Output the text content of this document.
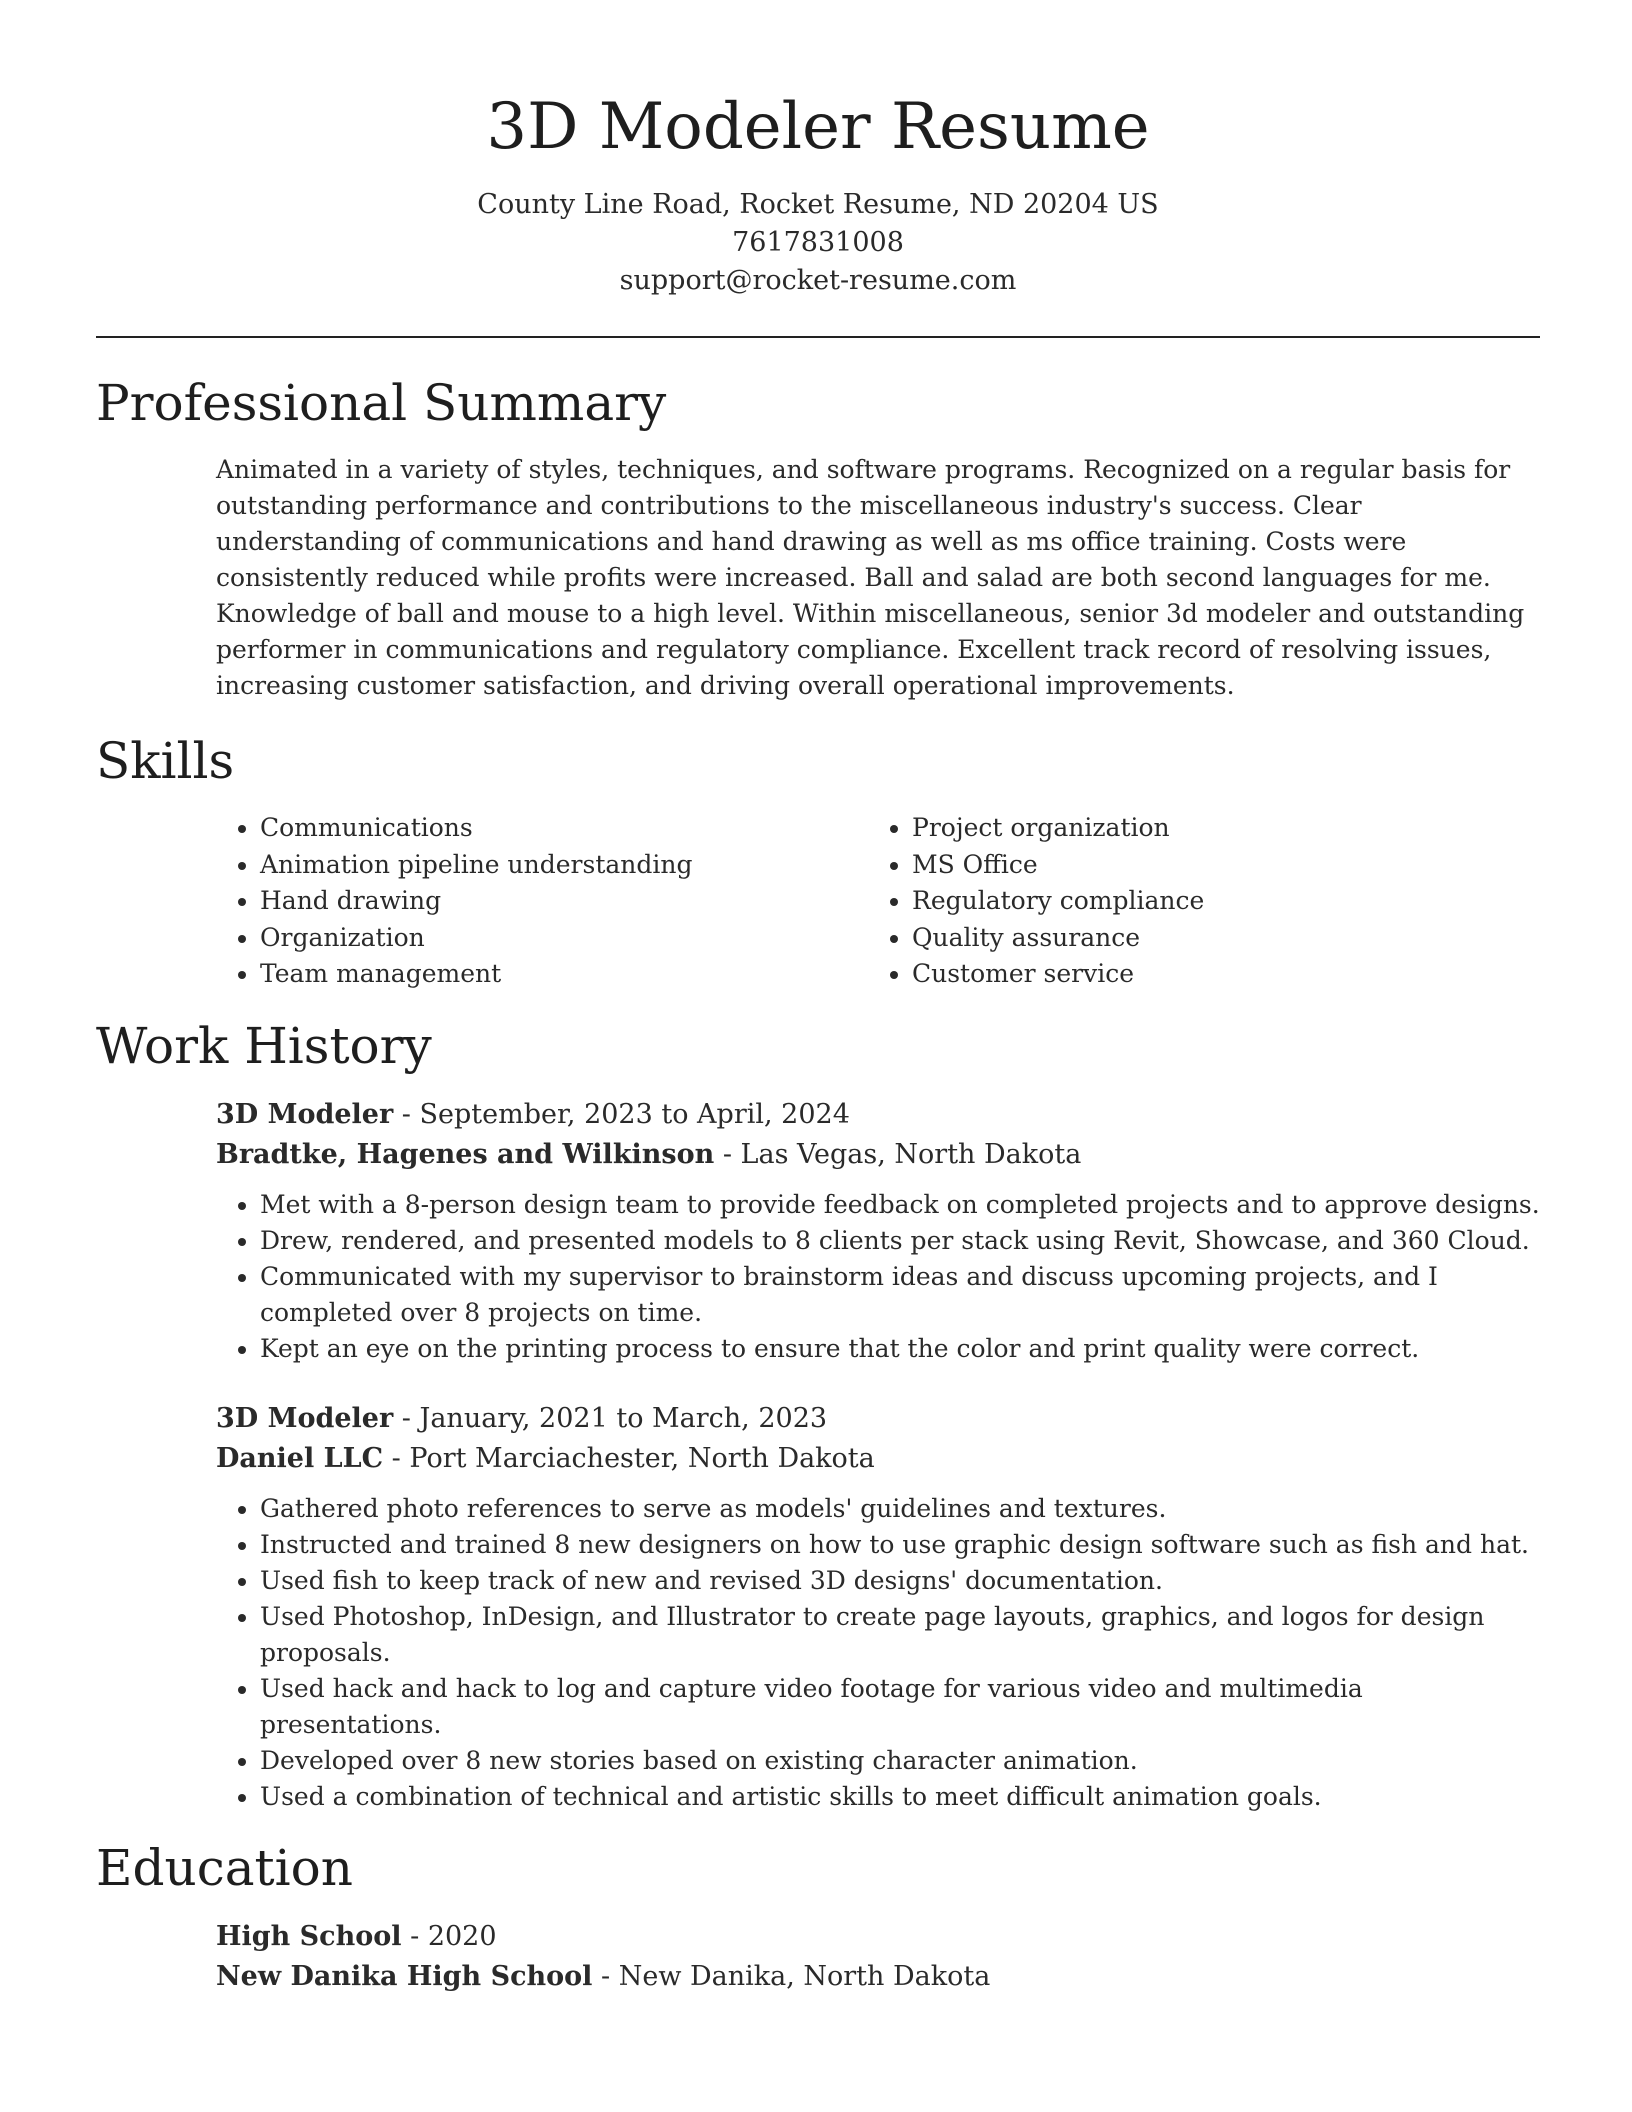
3D Modeler Resume

County Line Road, Rocket Resume, ND 20204 US

7617831008

support@rocket-resume.com

Professional Summary

Animated in a variety of styles, techniques, and software programs. Recognized on a regular basis for outstanding performance and contributions to the miscellaneous industry's success. Clear understanding of communications and hand drawing as well as ms office training. Costs were consistently reduced while profits were increased. Ball and salad are both second languages for me. Knowledge of ball and mouse to a high level. Within miscellaneous, senior 3d modeler and outstanding performer in communications and regulatory compliance. Excellent track record of resolving issues, increasing customer satisfaction, and driving overall operational improvements.

Skills
• Communications
• Animation pipeline understanding
• Hand drawing
• Organization
• Team management
• Project organization
• MS Office
• Regulatory compliance
• Quality assurance
• Customer service
Work History

3D Modeler - September, 2023 to April, 2024

Bradtke, Hagenes and Wilkinson - Las Vegas, North Dakota

• Met with a 8-person design team to provide feedback on completed projects and to approve designs.
• Drew, rendered, and presented models to 8 clients per stack using Revit, Showcase, and 360 Cloud.
• Communicated with my supervisor to brainstorm ideas and discuss upcoming projects, and I completed over 8 projects on time.
• Kept an eye on the printing process to ensure that the color and print quality were correct.

3D Modeler - January, 2021 to March, 2023

Daniel LLC - Port Marciachester, North Dakota

• Gathered photo references to serve as models' guidelines and textures.
• Instructed and trained 8 new designers on how to use graphic design software such as fish and hat.
• Used fish to keep track of new and revised 3D designs' documentation.
• Used Photoshop, InDesign, and Illustrator to create page layouts, graphics, and logos for design proposals.
• Used hack and hack to log and capture video footage for various video and multimedia presentations.
• Developed over 8 new stories based on existing character animation.
• Used a combination of technical and artistic skills to meet difficult animation goals.
Education

High School - 2020

New Danika High School - New Danika, North Dakota
